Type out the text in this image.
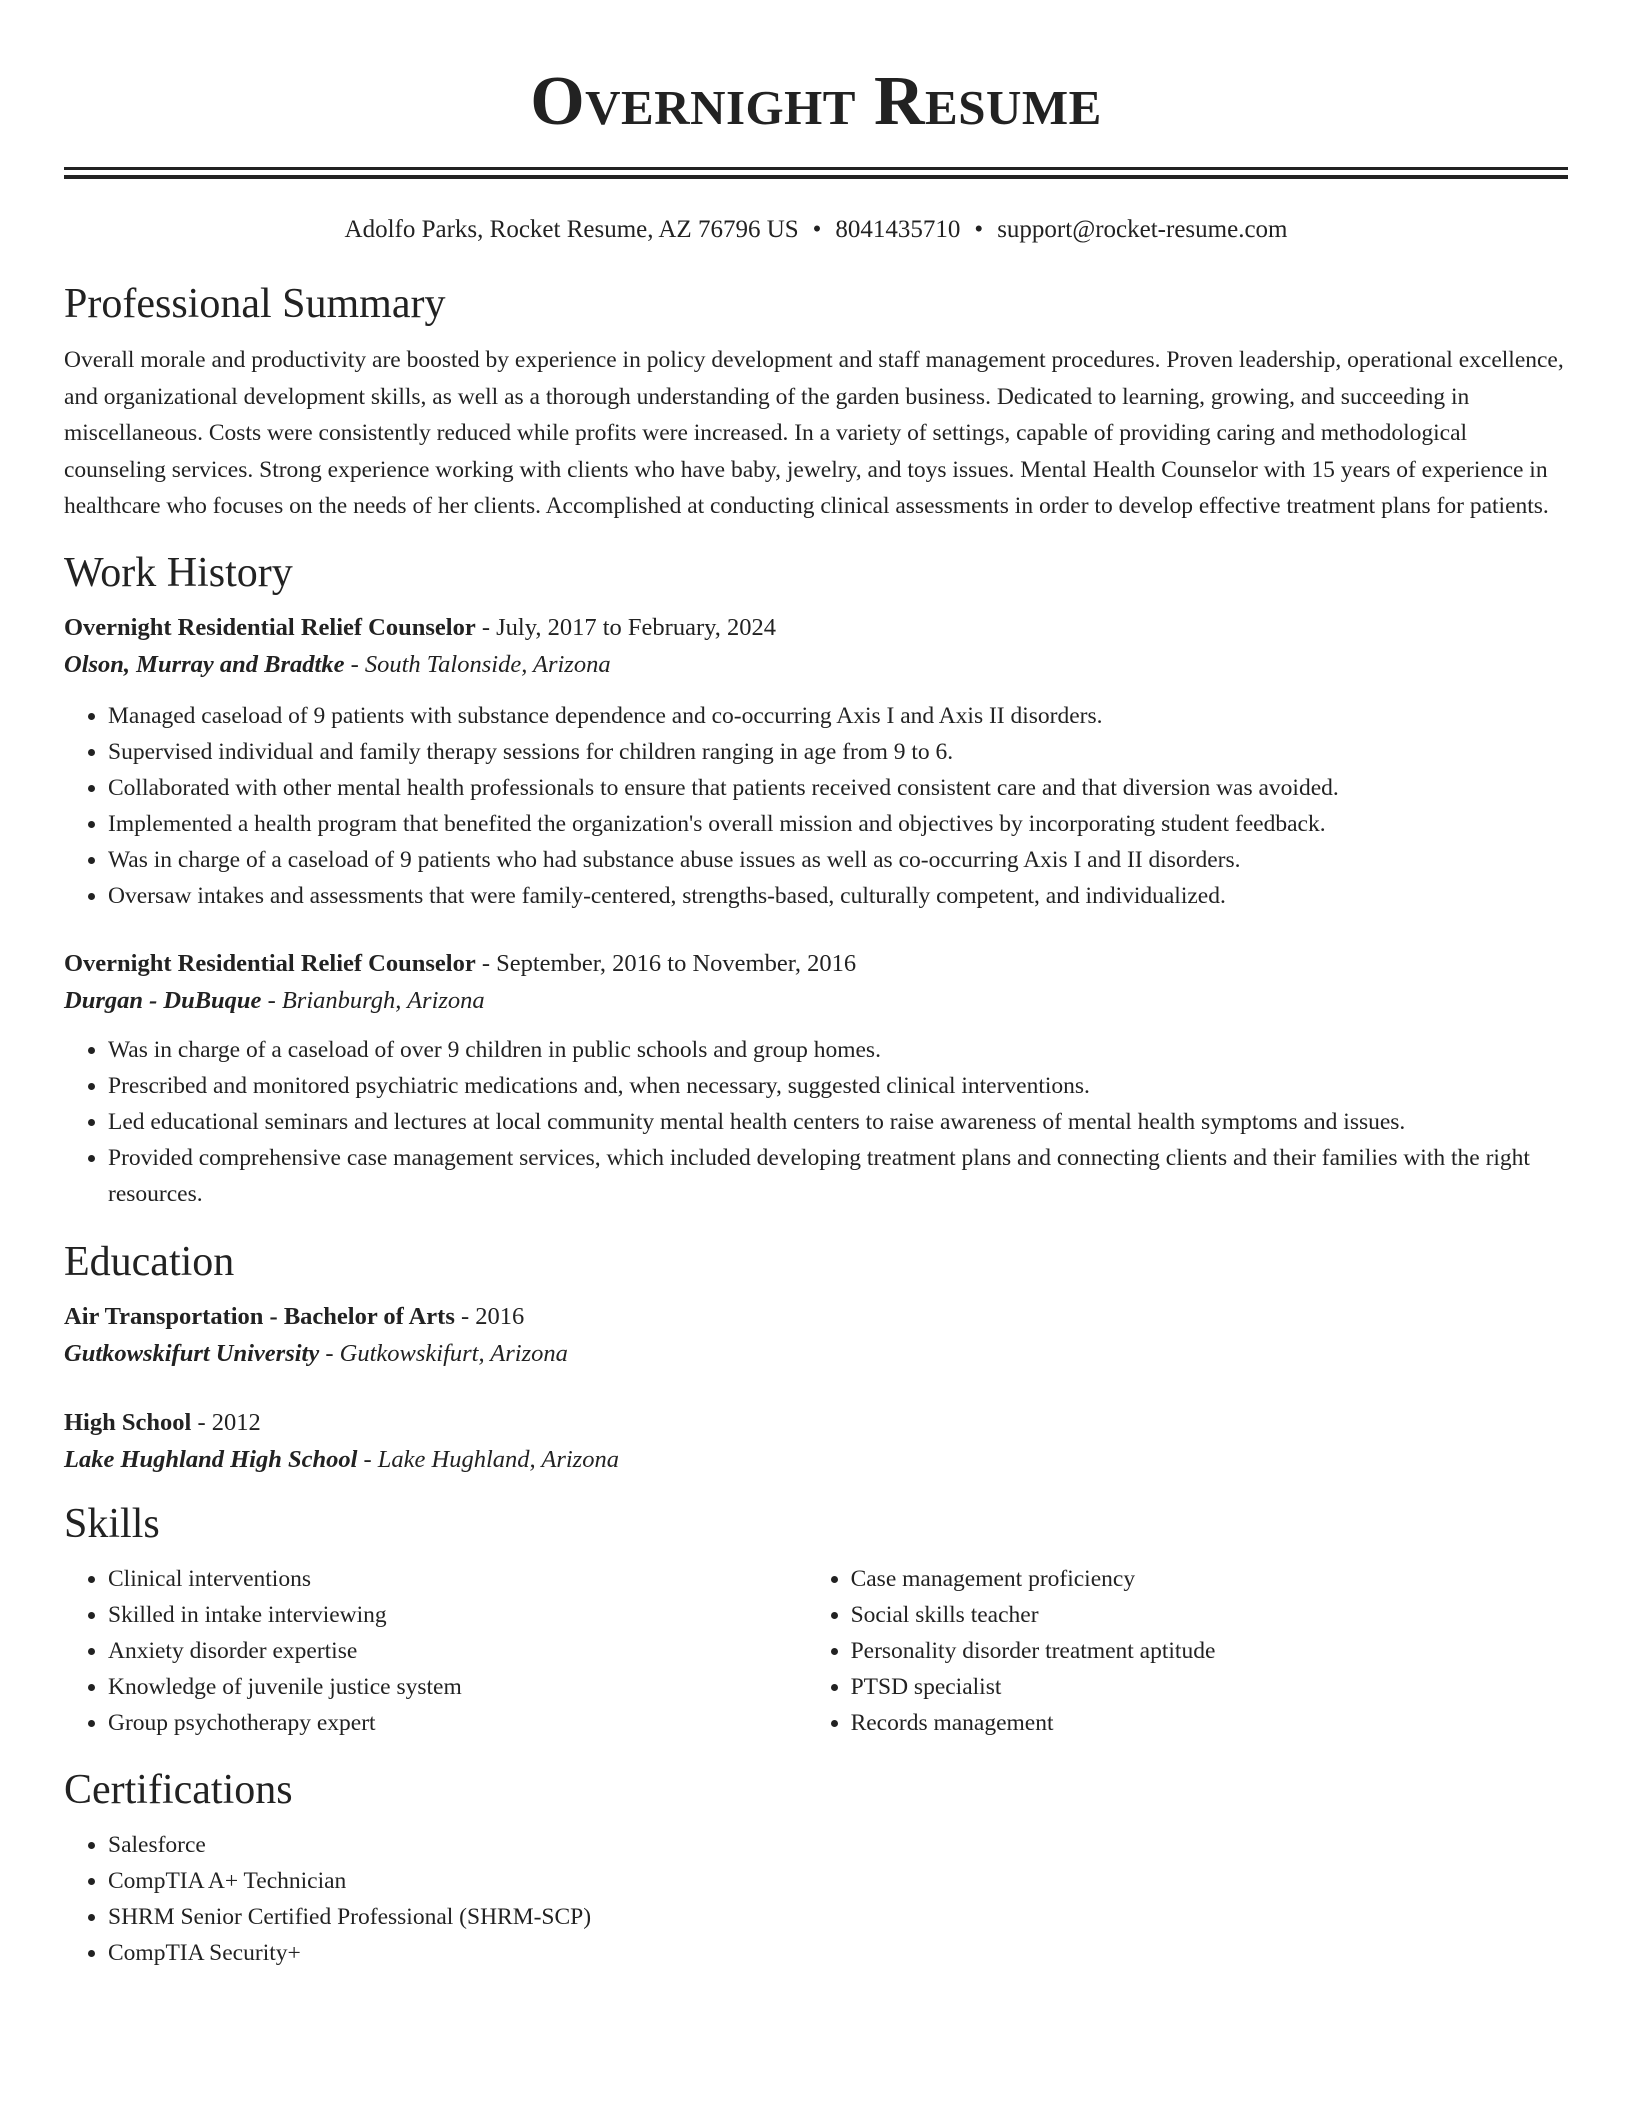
Overnight Resume
Adolfo Parks, Rocket Resume, AZ 76796 US • 8041435710 • support@rocket-resume.com
Professional Summary

Overall morale and productivity are boosted by experience in policy development and staff management procedures. Proven leadership, operational excellence, and organizational development skills, as well as a thorough understanding of the garden business. Dedicated to learning, growing, and succeeding in miscellaneous. Costs were consistently reduced while profits were increased. In a variety of settings, capable of providing caring and methodological counseling services. Strong experience working with clients who have baby, jewelry, and toys issues. Mental Health Counselor with 15 years of experience in healthcare who focuses on the needs of her clients. Accomplished at conducting clinical assessments in order to develop effective treatment plans for patients.

Work History
Overnight Residential Relief Counselor - July, 2017 to February, 2024
Olson, Murray and Bradtke - South Talonside, Arizona
• Managed caseload of 9 patients with substance dependence and co-occurring Axis I and Axis II disorders.
• Supervised individual and family therapy sessions for children ranging in age from 9 to 6.
• Collaborated with other mental health professionals to ensure that patients received consistent care and that diversion was avoided.
• Implemented a health program that benefited the organization's overall mission and objectives by incorporating student feedback.
• Was in charge of a caseload of 9 patients who had substance abuse issues as well as co-occurring Axis I and II disorders.
• Oversaw intakes and assessments that were family-centered, strengths-based, culturally competent, and individualized.
Overnight Residential Relief Counselor - September, 2016 to November, 2016
Durgan - DuBuque - Brianburgh, Arizona
• Was in charge of a caseload of over 9 children in public schools and group homes.
• Prescribed and monitored psychiatric medications and, when necessary, suggested clinical interventions.
• Led educational seminars and lectures at local community mental health centers to raise awareness of mental health symptoms and issues.
• Provided comprehensive case management services, which included developing treatment plans and connecting clients and their families with the right resources.
Education
Air Transportation - Bachelor of Arts - 2016
Gutkowskifurt University - Gutkowskifurt, Arizona
High School - 2012
Lake Hughland High School - Lake Hughland, Arizona
Skills
• Clinical interventions
• Skilled in intake interviewing
• Anxiety disorder expertise
• Knowledge of juvenile justice system
• Group psychotherapy expert
• Case management proficiency
• Social skills teacher
• Personality disorder treatment aptitude
• PTSD specialist
• Records management
Certifications
• Salesforce
• CompTIA A+ Technician
• SHRM Senior Certified Professional (SHRM-SCP)
• CompTIA Security+
